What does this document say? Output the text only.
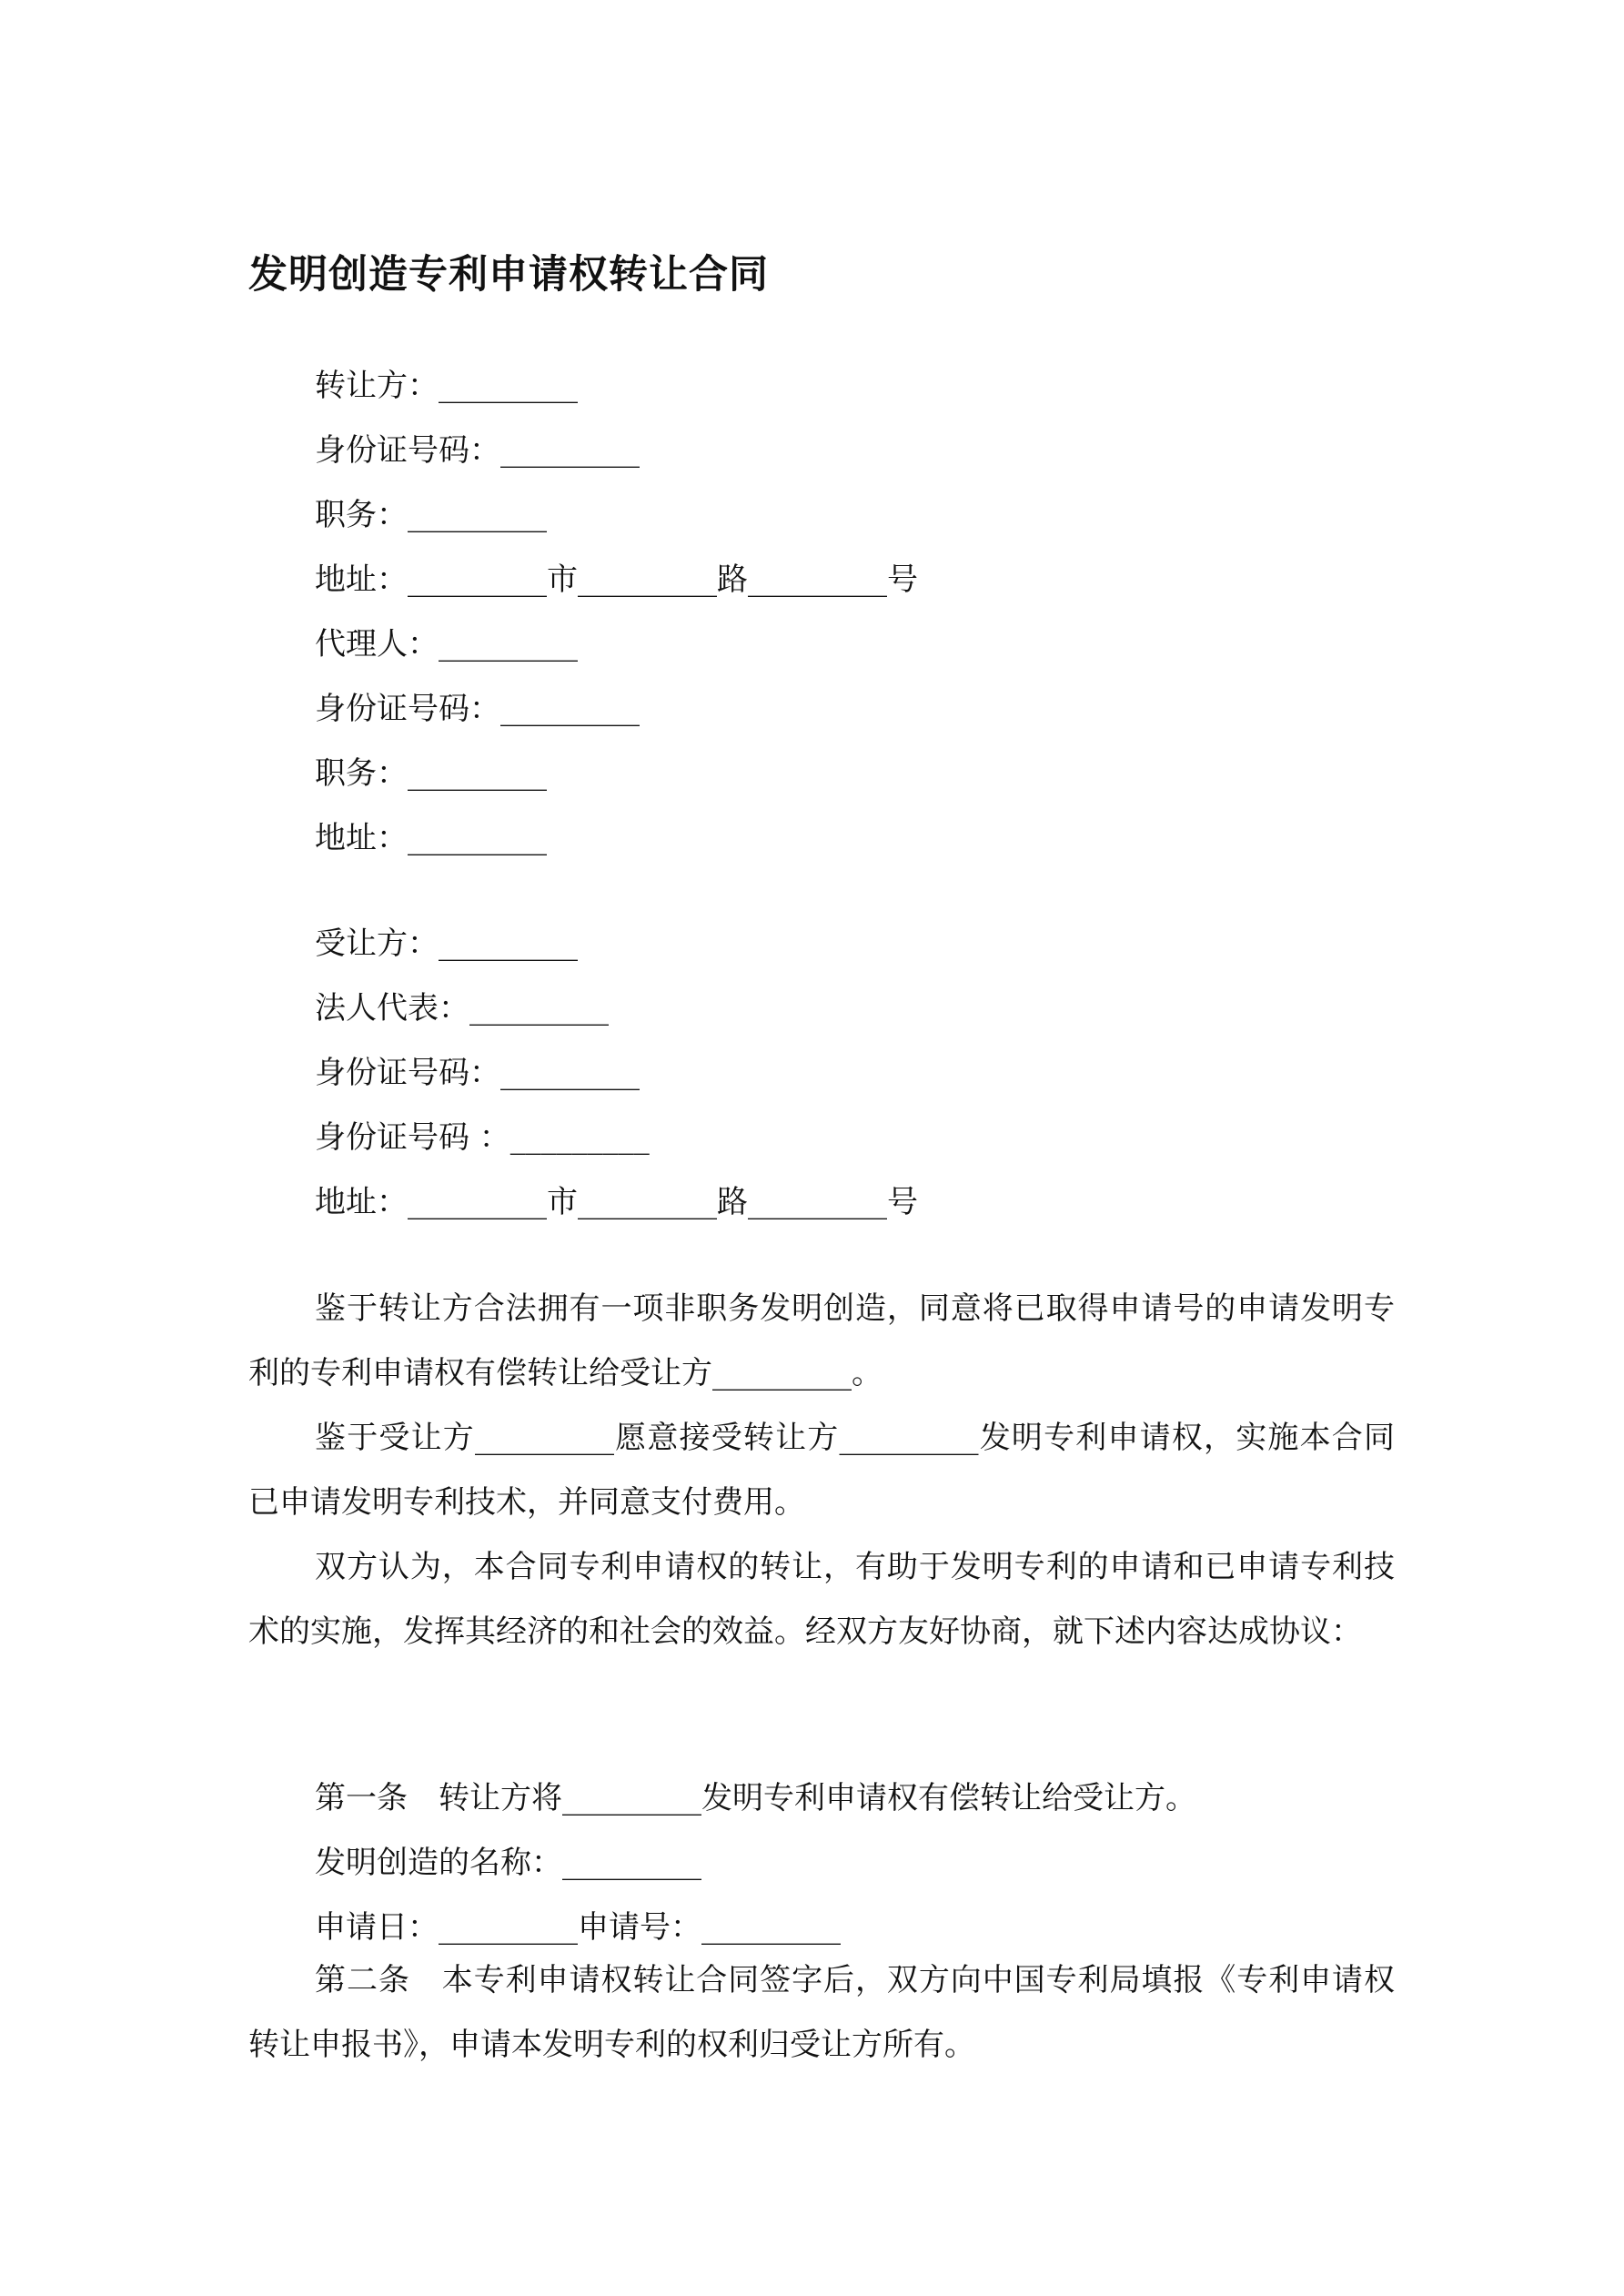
发明创造专利申请权转让合同
转让方：_________
身份证号码：_________
职务：_________
地址：_________市_________路_________号
代理人：_________
身份证号码：_________
职务：_________
地址：_________
受让方：_________
法人代表：_________
身份证号码：_________
身份证号码 ：_________
地址：_________市_________路_________号

鉴于转让方合法拥有一项非职务发明创造，同意将已取得申请号的申请发明专利的专利申请权有偿转让给受让方_________。

鉴于受让方_________愿意接受转让方_________发明专利申请权，实施本合同已申请发明专利技术，并同意支付费用。

双方认为，本合同专利申请权的转让，有助于发明专利的申请和已申请专利技术的实施，发挥其经济的和社会的效益。经双方友好协商，就下述内容达成协议：

第一条　转让方将_________发明专利申请权有偿转让给受让方。
发明创造的名称：_________
申请日：_________申请号：_________

第二条　本专利申请权转让合同签字后，双方向中国专利局填报《专利申请权转让申报书》，申请本发明专利的权利归受让方所有。
